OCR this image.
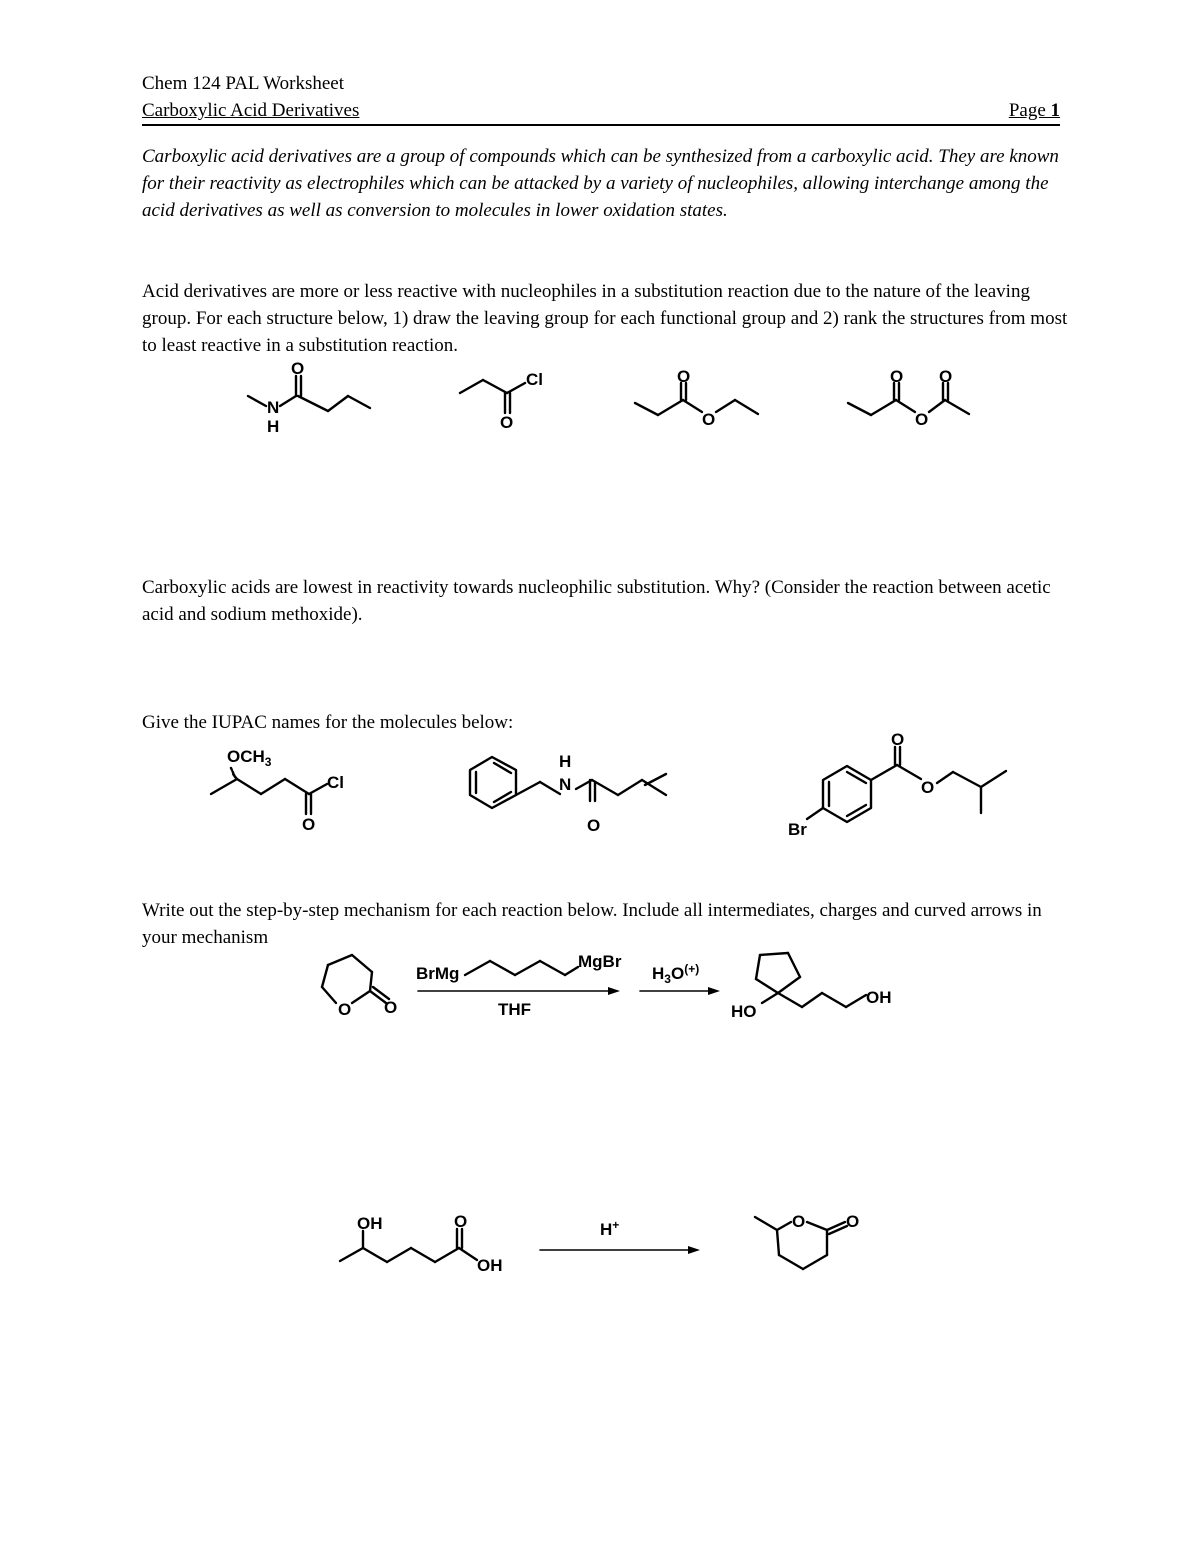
Chem 124 PAL Worksheet
Carboxylic Acid Derivatives	Page 1
Carboxylic acid derivatives are a group of compounds which can be synthesized from a carboxylic acid. They are known for their reactivity as electrophiles which can be attacked by a variety of nucleophiles, allowing interchange among the acid derivatives as well as conversion to molecules in lower oxidation states.
Acid derivatives are more or less reactive with nucleophiles in a substitution reaction due to the nature of the leaving group. For each structure below, 1) draw the leaving group for each functional group and 2) rank the structures from most to least reactive in a substitution reaction.
O
N
H
Cl
O
O
O
O O
O
Carboxylic acids are lowest in reactivity towards nucleophilic substitution. Why? (Consider the reaction between acetic acid and sodium methoxide).
Give the IUPAC names for the molecules below:
$OCH_3$
Cl
O
H
N
O
O
O
Br
Write out the step-by-step mechanism for each reaction below. Include all intermediates, charges and curved arrows in your mechanism
O O
BrMg
MgBr
THF
$H_3O^{(+)}$
HO
OH
OH	O
OH
H+	O O
